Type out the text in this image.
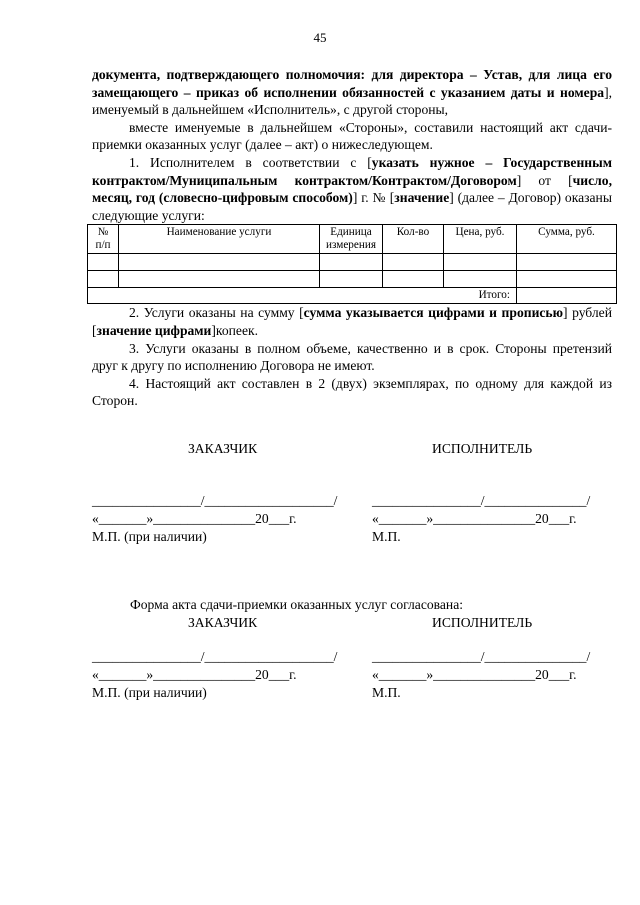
45

документа, подтверждающего полномочия: для директора – Устав, для лица его замещающего – приказ об исполнении обязанностей с указанием даты и номера], именуемый в дальнейшем «Исполнитель», с другой стороны,

вместе именуемые в дальнейшем «Стороны», составили настоящий акт сдачи-приемки оказанных услуг (далее – акт) о нижеследующем.

1. Исполнителем в соответствии с [указать нужное – Государственным контрактом/Муниципальным контрактом/Контрактом/Договором] от [число, месяц, год (словесно-цифровым способом)] г. № [значение] (далее – Договор) оказаны следующие услуги:

№
п/п	Наименование услуги	Единица измерения	Кол-во	Цена, руб.	Сумма, руб.

Итого:					

2. Услуги оказаны на сумму [сумма указывается цифрами и прописью] рублей [значение цифрами]копеек.

3. Услуги оказаны в полном объеме, качественно и в срок. Стороны претензий друг к другу по исполнению Договора не имеют.

4. Настоящий акт составлен в 2 (двух) экземплярах, по одному для каждой из Сторон.

ЗАКАЗЧИК
________________/___________________/
«_______»_______________20___г.
М.П. (при наличии)
ИСПОЛНИТЕЛЬ
________________/_______________/
«_______»_______________20___г.
М.П.
Форма акта сдачи-приемки оказанных услуг согласована:
ЗАКАЗЧИК
________________/___________________/
«_______»_______________20___г.
М.П. (при наличии)
ИСПОЛНИТЕЛЬ
________________/_______________/
«_______»_______________20___г.
М.П.
